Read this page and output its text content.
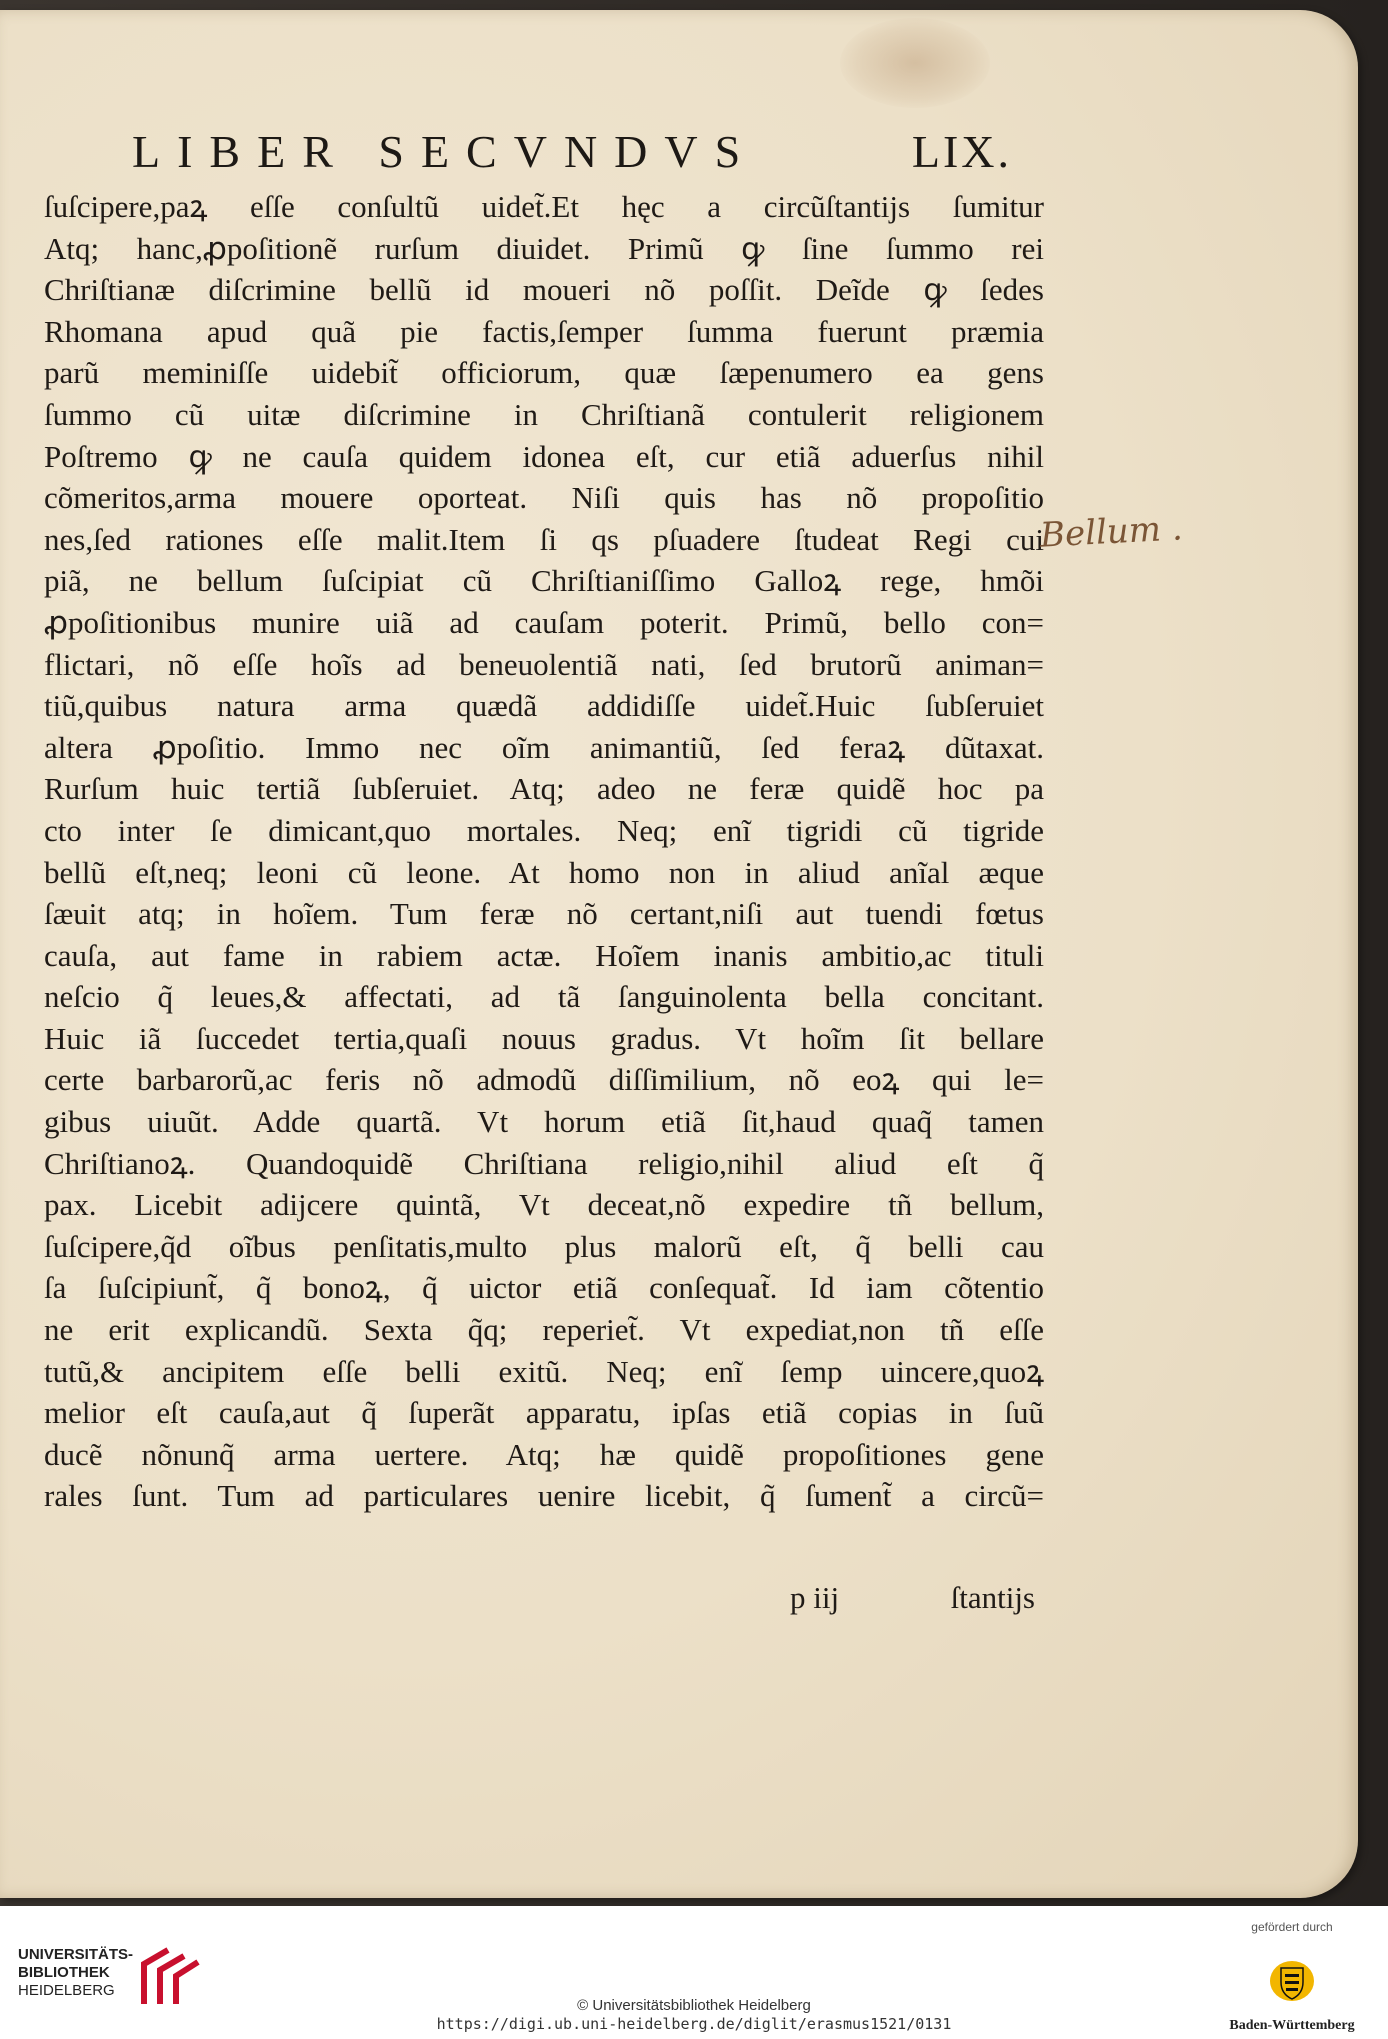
LIBER SECVNDVS	LIX.
ſuſcipere,paꝝ eſſe conſultũ uidet̃.Et hęc a circũſtantijs ſumitur
Atq; hanc,ꝓpoſitionẽ rurſum diuidet. Primũ ꝙ ſine ſummo rei
Chriſtianæ diſcrimine bellũ id moueri nõ poſſit. Deĩde ꝙ ſedes
Rhomana apud quã pie factis,ſemper ſumma fuerunt præmia
parũ meminiſſe uidebit̃ officiorum, quæ ſæpenumero ea gens
ſummo cũ uitæ diſcrimine in Chriſtianã contulerit religionem
Poſtremo ꝙ ne cauſa quidem idonea eſt, cur etiã aduerſus nihil
cõmeritos,arma mouere oporteat. Niſi quis has nõ propoſitio
nes,ſed rationes eſſe malit.Item ſi qs pſuadere ſtudeat Regi cui
piã, ne bellum ſuſcipiat cũ Chriſtianiſſimo Galloꝝ rege, hmõi
ꝓpoſitionibus munire uiã ad cauſam poterit. Primũ, bello con=
flictari, nõ eſſe hoĩs ad beneuolentiã nati, ſed brutorũ animan=
tiũ,quibus natura arma quædã addidiſſe uidet̃.Huic ſubſeruiet
altera ꝓpoſitio. Immo nec oĩm animantiũ, ſed feraꝝ dũtaxat.
Rurſum huic tertiã ſubſeruiet. Atq; adeo ne feræ quidẽ hoc pa
cto inter ſe dimicant,quo mortales. Neq; enĩ tigridi cũ tigride
bellũ eſt,neq; leoni cũ leone. At homo non in aliud anĩal æque
ſæuit atq; in hoĩem. Tum feræ nõ certant,niſi aut tuendi fœtus
cauſa, aut fame in rabiem actæ. Hoĩem inanis ambitio,ac tituli
neſcio q̃ leues,& affectati, ad tã ſanguinolenta bella concitant.
Huic iã ſuccedet tertia,quaſi nouus gradus. Vt hoĩm ſit bellare
certe barbarorũ,ac feris nõ admodũ diſſimilium, nõ eoꝝ qui le=
gibus uiuũt. Adde quartã. Vt horum etiã ſit,haud quaq̃ tamen
Chriſtianoꝝ. Quandoquidẽ Chriſtiana religio,nihil aliud eſt q̃
pax. Licebit adijcere quintã, Vt deceat,nõ expedire tñ bellum,
ſuſcipere,q̃d oĩbus penſitatis,multo plus malorũ eſt, q̃ belli cau
ſa ſuſcipiunt̃, q̃ bonoꝝ, q̃ uictor etiã conſequat̃. Id iam cõtentio
ne erit explicandũ. Sexta q̃q; reperiet̃. Vt expediat,non tñ eſſe
tutũ,& ancipitem eſſe belli exitũ. Neq; enĩ ſemp uincere,quoꝝ
melior eſt cauſa,aut q̃ ſuperãt apparatu, ipſas etiã copias in ſuũ
ducẽ nõnunq̃ arma uertere. Atq; hæ quidẽ propoſitiones gene
rales ſunt. Tum ad particulares uenire licebit, q̃ ſument̃ a circũ=
p iij	ſtantijs
Bellum .
UNIVERSITÄTS-
BIBLIOTHEK
HEIDELBERG
© Universitätsbibliothek Heidelberg
https://digi.ub.uni-heidelberg.de/diglit/erasmus1521/0131
gefördert durch
Baden-Württemberg
